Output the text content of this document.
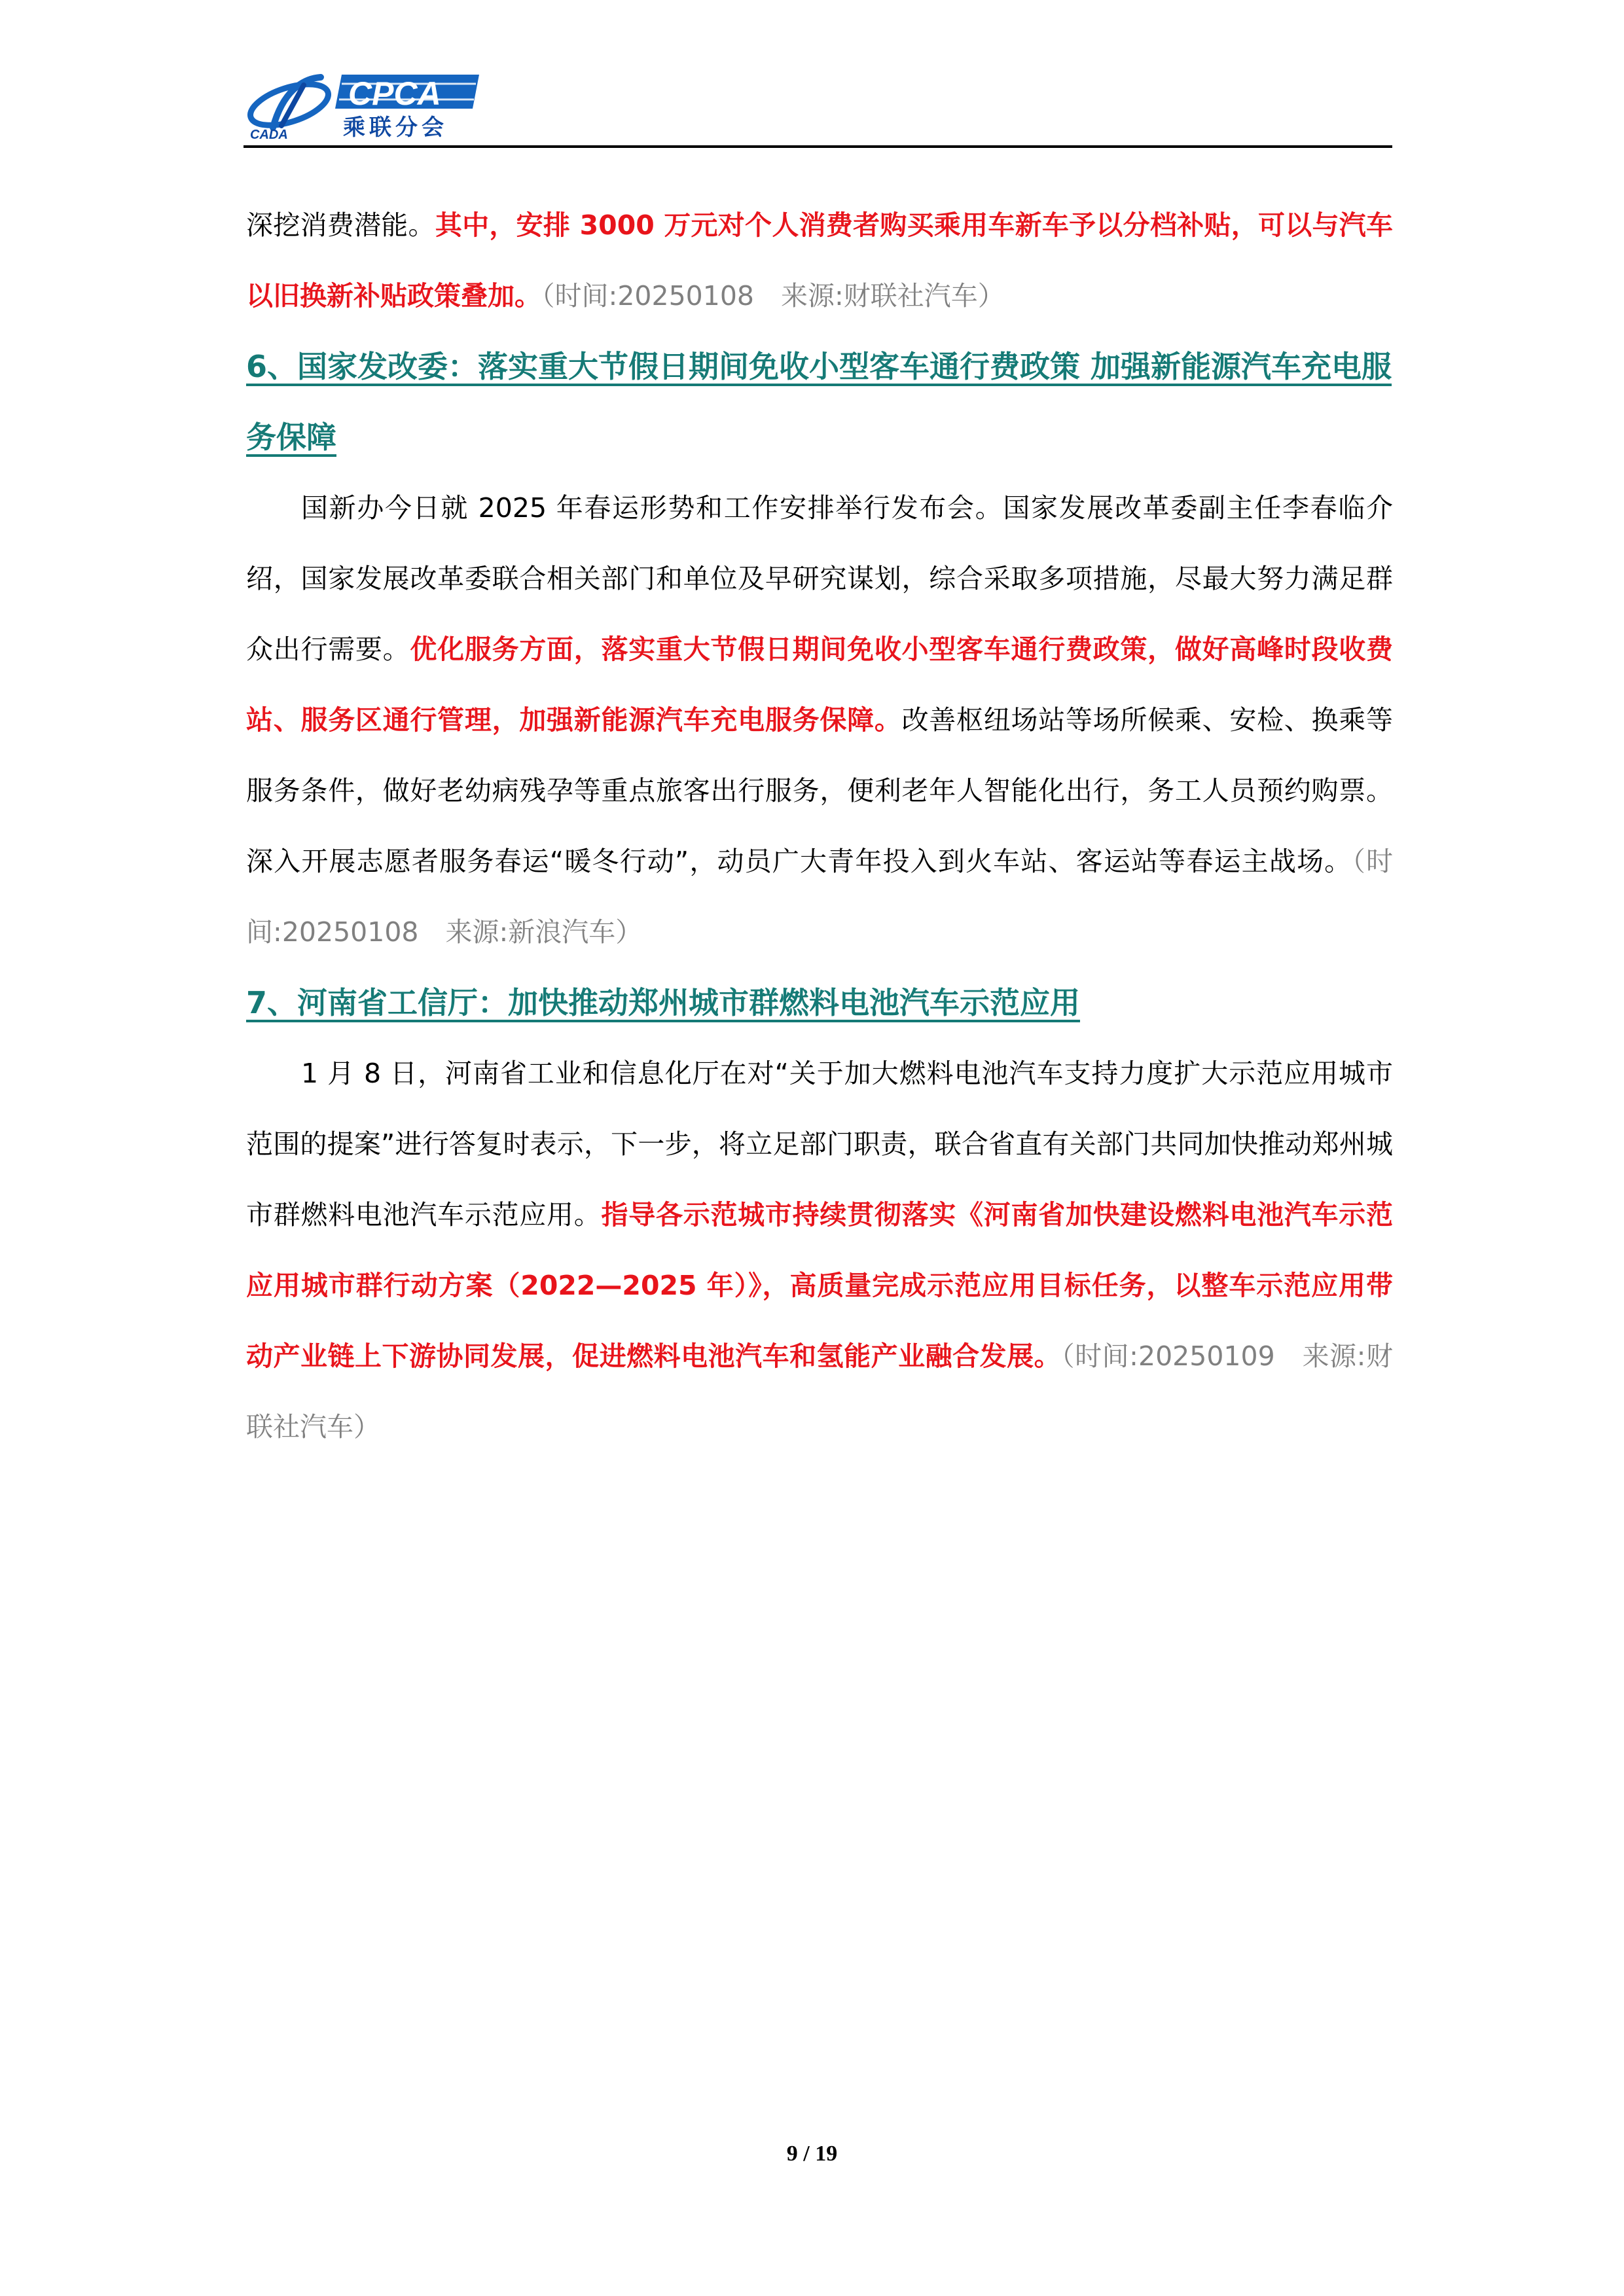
CADA
CPCA
乘联分会

深挖消费潜能。其中，安排 3000 万元对个人消费者购买乘用车新车予以分档补贴，可以与汽车以旧换新补贴政策叠加。（时间:20250108　来源:财联社汽车）

6、国家发改委：落实重大节假日期间免收小型客车通行费政策 加强新能源汽车充电服务保障

国新办今日就 2025 年春运形势和工作安排举行发布会。国家发展改革委副主任李春临介绍，国家发展改革委联合相关部门和单位及早研究谋划，综合采取多项措施，尽最大努力满足群众出行需要。优化服务方面，落实重大节假日期间免收小型客车通行费政策，做好高峰时段收费站、服务区通行管理，加强新能源汽车充电服务保障。改善枢纽场站等场所候乘、安检、换乘等服务条件，做好老幼病残孕等重点旅客出行服务，便利老年人智能化出行，务工人员预约购票。深入开展志愿者服务春运“暖冬行动”，动员广大青年投入到火车站、客运站等春运主战场。（时间:20250108　来源:新浪汽车）

7、河南省工信厅：加快推动郑州城市群燃料电池汽车示范应用

1 月 8 日，河南省工业和信息化厅在对“关于加大燃料电池汽车支持力度扩大示范应用城市范围的提案”进行答复时表示，下一步，将立足部门职责，联合省直有关部门共同加快推动郑州城市群燃料电池汽车示范应用。指导各示范城市持续贯彻落实《河南省加快建设燃料电池汽车示范应用城市群行动方案（2022—2025 年）》，高质量完成示范应用目标任务，以整车示范应用带动产业链上下游协同发展，促进燃料电池汽车和氢能产业融合发展。（时间:20250109　来源:财联社汽车）

9 / 19
